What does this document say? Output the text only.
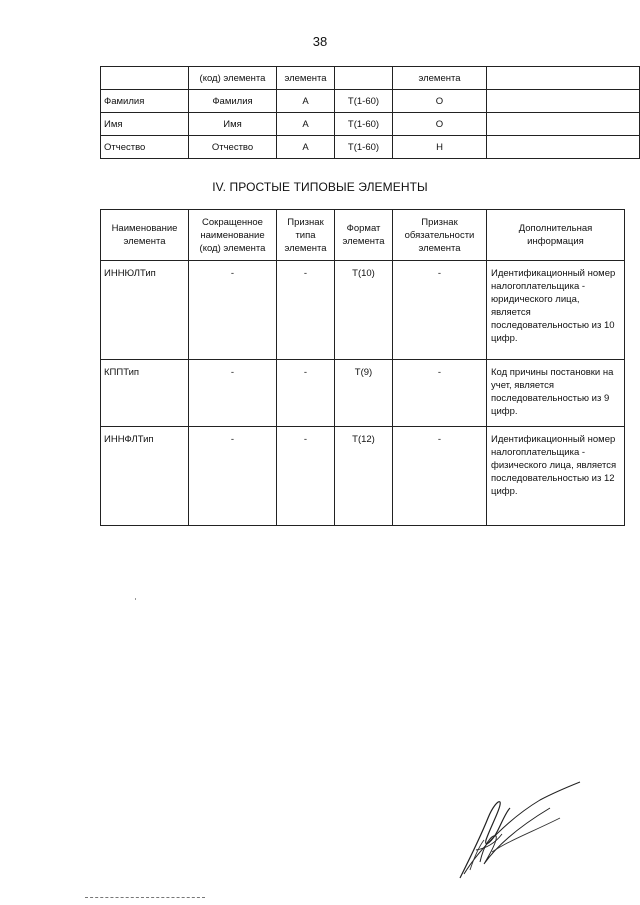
38
	(код) элемента	элемента		элемента	
Фамилия	Фамилия	А	Т(1-60)	О	
Имя	Имя	А	Т(1-60)	О	
Отчество	Отчество	А	Т(1-60)	Н	
IV. ПРОСТЫЕ ТИПОВЫЕ ЭЛЕМЕНТЫ
Наименование элемента	Сокращенное наименование (код) элемента	Признак типа элемента	Формат элемента	Признак обязательности элемента	Дополнительная информация
ИННЮЛТип	-	-	Т(10)	-	Идентификационный номер налогоплательщика - юридического лица, является последовательностью из 10 цифр.
КППТип	-	-	Т(9)	-	Код причины постановки на учет, является последовательностью из 9 цифр.
ИННФЛТип	-	-	Т(12)	-	Идентификационный номер налогоплательщика - физического лица, является последовательностью из 12 цифр.
